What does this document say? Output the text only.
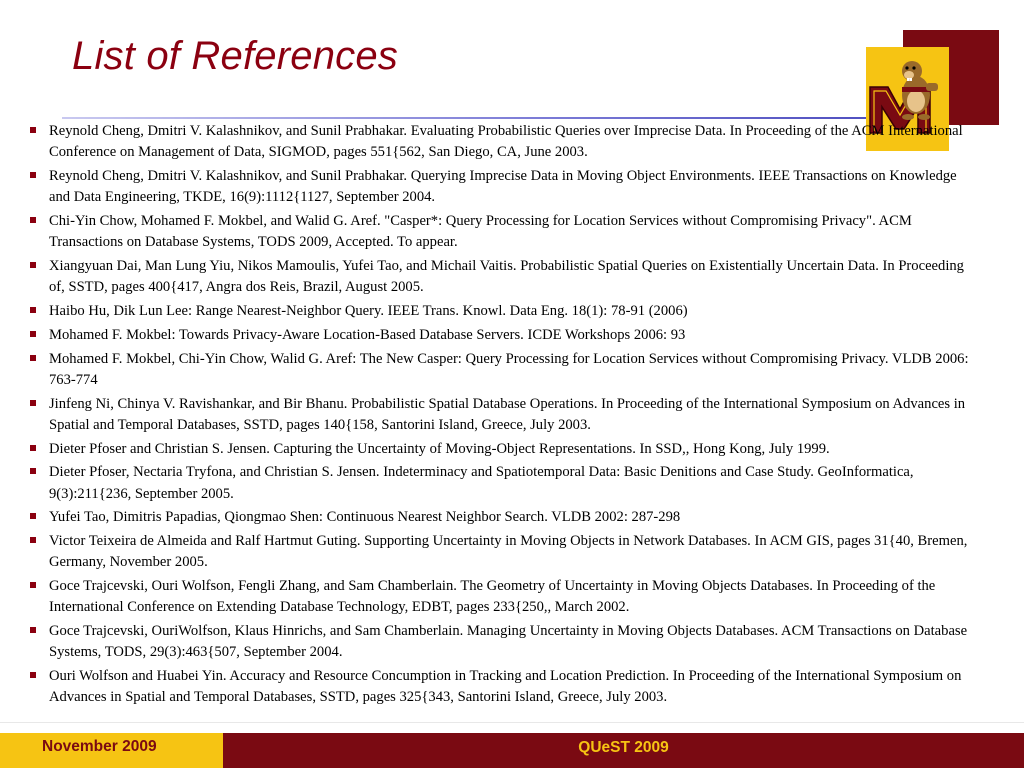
List of References
Reynold Cheng, Dmitri V. Kalashnikov, and Sunil Prabhakar. Evaluating Probabilistic Queries over Imprecise Data. In Proceeding of the ACM International Conference on Management of Data, SIGMOD, pages 551{562, San Diego, CA, June 2003.
Reynold Cheng, Dmitri V. Kalashnikov, and Sunil Prabhakar. Querying Imprecise Data in Moving Object Environments. IEEE Transactions on Knowledge and Data Engineering, TKDE, 16(9):1112{1127, September 2004.
Chi-Yin Chow, Mohamed F. Mokbel, and Walid G. Aref. "Casper*: Query Processing for Location Services without Compromising Privacy". ACM Transactions on Database Systems, TODS 2009, Accepted. To appear.
Xiangyuan Dai, Man Lung Yiu, Nikos Mamoulis, Yufei Tao, and Michail Vaitis. Probabilistic Spatial Queries on Existentially Uncertain Data. In Proceeding of, SSTD, pages 400{417, Angra dos Reis, Brazil, August 2005.
Haibo Hu, Dik Lun Lee: Range Nearest-Neighbor Query. IEEE Trans. Knowl. Data Eng. 18(1): 78-91 (2006)
Mohamed F. Mokbel: Towards Privacy-Aware Location-Based Database Servers. ICDE Workshops 2006: 93
Mohamed F. Mokbel, Chi-Yin Chow, Walid G. Aref: The New Casper: Query Processing for Location Services without Compromising Privacy. VLDB 2006: 763-774
Jinfeng Ni, Chinya V. Ravishankar, and Bir Bhanu. Probabilistic Spatial Database Operations. In Proceeding of the International Symposium on Advances in Spatial and Temporal Databases, SSTD, pages 140{158, Santorini Island, Greece, July 2003.
Dieter Pfoser and Christian S. Jensen. Capturing the Uncertainty of Moving-Object Representations. In SSD,, Hong Kong, July 1999.
Dieter Pfoser, Nectaria Tryfona, and Christian S. Jensen. Indeterminacy and Spatiotemporal Data: Basic Denitions and Case Study. GeoInformatica, 9(3):211{236, September 2005.
Yufei Tao, Dimitris Papadias, Qiongmao Shen: Continuous Nearest Neighbor Search. VLDB 2002: 287-298
Victor Teixeira de Almeida and Ralf Hartmut Guting. Supporting Uncertainty in Moving Objects in Network Databases. In ACM GIS, pages 31{40, Bremen, Germany, November 2005.
Goce Trajcevski, Ouri Wolfson, Fengli Zhang, and Sam Chamberlain. The Geometry of Uncertainty in Moving Objects Databases. In Proceeding of the International Conference on Extending Database Technology, EDBT, pages 233{250,, March 2002.
Goce Trajcevski, OuriWolfson, Klaus Hinrichs, and Sam Chamberlain. Managing Uncertainty in Moving Objects Databases. ACM Transactions on Database Systems, TODS, 29(3):463{507, September 2004.
Ouri Wolfson and Huabei Yin. Accuracy and Resource Concumption in Tracking and Location Prediction. In Proceeding of the International Symposium on Advances in Spatial and Temporal Databases, SSTD, pages 325{343, Santorini Island, Greece, July 2003.
November 2009	QUeST 2009
